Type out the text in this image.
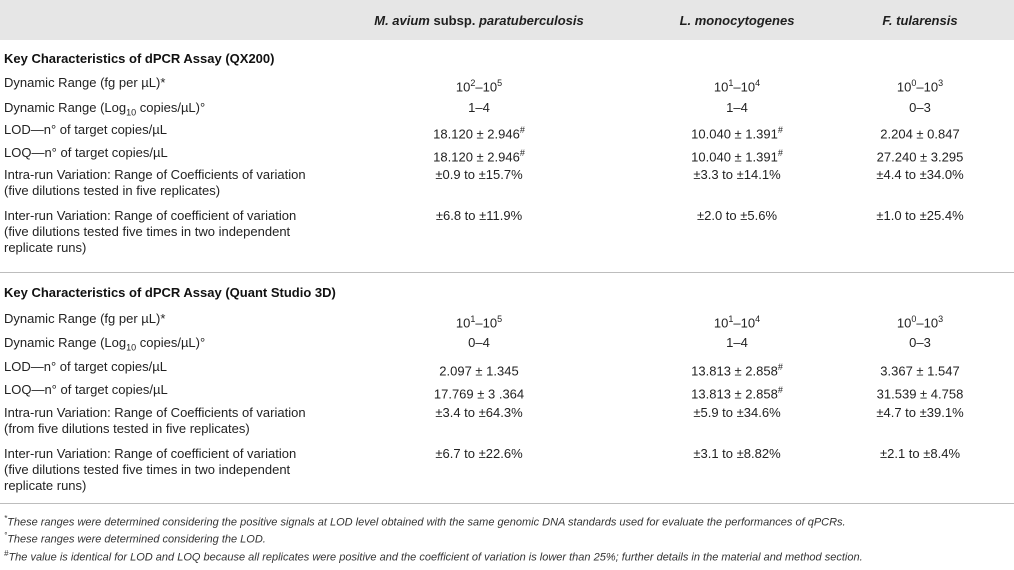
M. avium subsp. paratuberculosis	L. monocytogenes	F. tularensis
Key Characteristics of dPCR Assay (QX200)
Dynamic Range (fg per µL)*	$10^2-10^5$	$10^1-10^4$	$10^0-10^3$
Dynamic Range (Log$_{10}$ copies/µL)°	1–4	1–4	0–3
LOD—n° of target copies/µL	18.120 ± 2.946#	10.040 ± 1.391#	2.204 ± 0.847
LOQ—n° of target copies/µL	18.120 ± 2.946#	10.040 ± 1.391#	27.240 ± 3.295
Intra-run Variation: Range of Coefficients of variation
(five dilutions tested in five replicates)
±0.9 to ±15.7%	±3.3 to ±14.1%	±4.4 to ±34.0%
Inter-run Variation: Range of coefficient of variation
(five dilutions tested five times in two independent
replicate runs)
±6.8 to ±11.9%	±2.0 to ±5.6%	±1.0 to ±25.4%
Key Characteristics of dPCR Assay (Quant Studio 3D)
Dynamic Range (fg per µL)*	$10^1-10^5$	$10^1-10^4$	$10^0-10^3$
Dynamic Range (Log$_{10}$ copies/µL)°	0–4	1–4	0–3
LOD—n° of target copies/µL	2.097 ± 1.345	13.813 ± 2.858#	3.367 ± 1.547
LOQ—n° of target copies/µL	17.769 ± 3 .364	13.813 ± 2.858#	31.539 ± 4.758
Intra-run Variation: Range of Coefficients of variation
(from five dilutions tested in five replicates)
±3.4 to ±64.3%	±5.9 to ±34.6%	±4.7 to ±39.1%
Inter-run Variation: Range of coefficient of variation
(five dilutions tested five times in two independent
replicate runs)
±6.7 to ±22.6%	±3.1 to ±8.82%	±2.1 to ±8.4%
*These ranges were determined considering the positive signals at LOD level obtained with the same genomic DNA standards used for evaluate the performances of qPCRs.
°These ranges were determined considering the LOD.
#The value is identical for LOD and LOQ because all replicates were positive and the coefficient of variation is lower than 25%; further details in the material and method section.
